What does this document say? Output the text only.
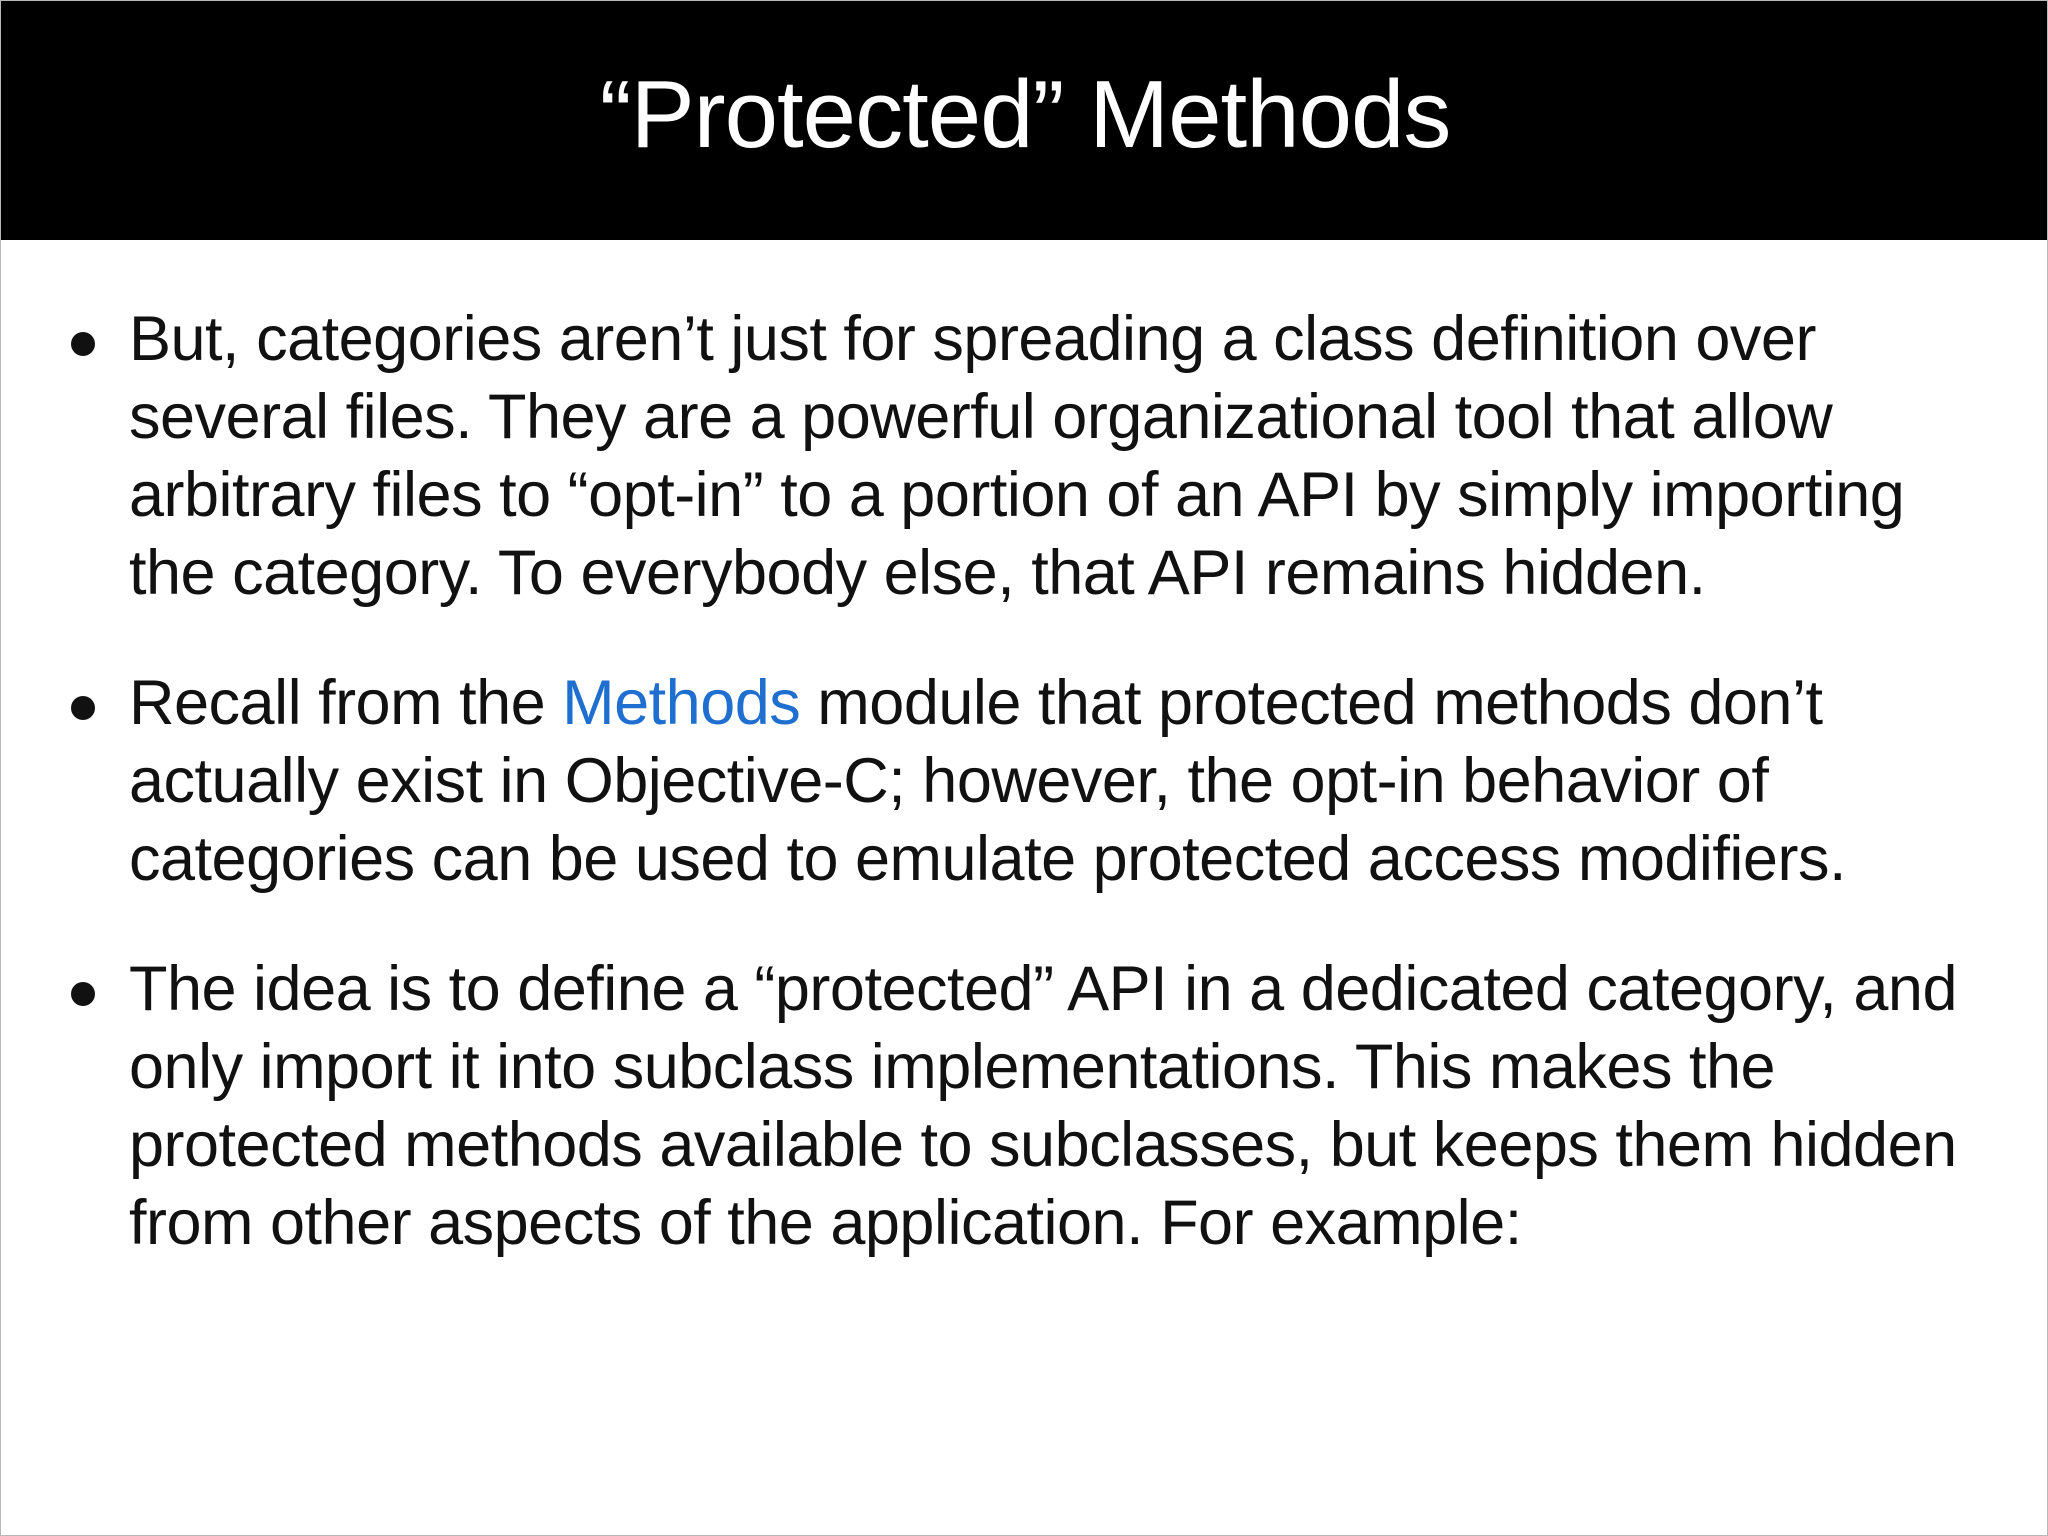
“Protected” Methods
But, categories aren’t just for spreading a class definition over
several files. They are a powerful organizational tool that allow
arbitrary files to “opt-in” to a portion of an API by simply importing
the category. To everybody else, that API remains hidden.
Recall from the Methods module that protected methods don’t
actually exist in Objective-C; however, the opt-in behavior of
categories can be used to emulate protected access modifiers.
The idea is to define a “protected” API in a dedicated category, and
only import it into subclass implementations. This makes the
protected methods available to subclasses, but keeps them hidden
from other aspects of the application. For example:
